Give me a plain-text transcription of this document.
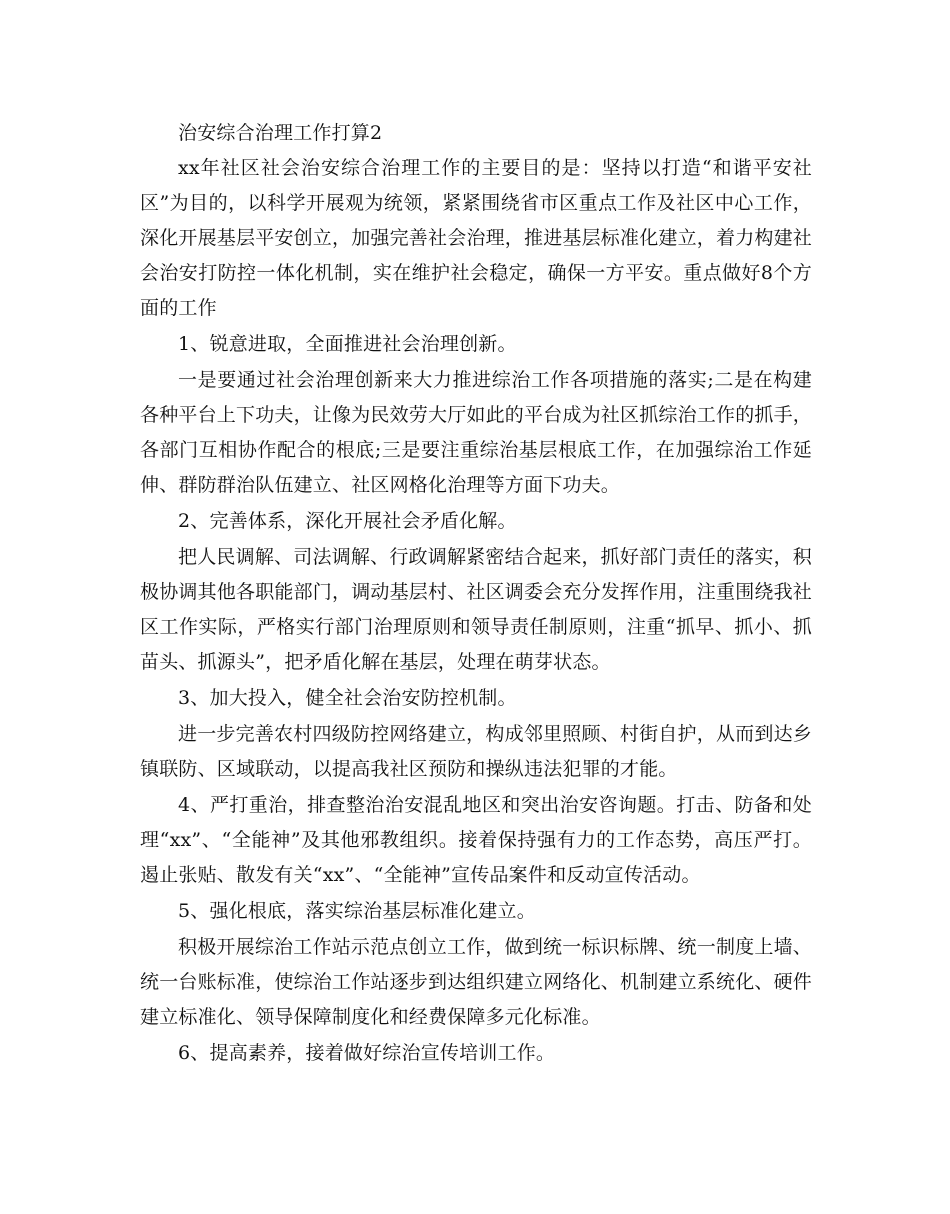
治安综合治理工作打算2

xx年社区社会治安综合治理工作的主要目的是：坚持以打造“和谐平安社区”为目的，以科学开展观为统领，紧紧围绕省市区重点工作及社区中心工作，深化开展基层平安创立，加强完善社会治理，推进基层标准化建立，着力构建社会治安打防控一体化机制，实在维护社会稳定，确保一方平安。重点做好8个方面的工作

1、锐意进取，全面推进社会治理创新。

一是要通过社会治理创新来大力推进综治工作各项措施的落实;二是在构建各种平台上下功夫，让像为民效劳大厅如此的平台成为社区抓综治工作的抓手，各部门互相协作配合的根底;三是要注重综治基层根底工作，在加强综治工作延伸、群防群治队伍建立、社区网格化治理等方面下功夫。

2、完善体系，深化开展社会矛盾化解。

把人民调解、司法调解、行政调解紧密结合起来，抓好部门责任的落实，积极协调其他各职能部门，调动基层村、社区调委会充分发挥作用，注重围绕我社区工作实际，严格实行部门治理原则和领导责任制原则，注重“抓早、抓小、抓苗头、抓源头”，把矛盾化解在基层，处理在萌芽状态。

3、加大投入，健全社会治安防控机制。

进一步完善农村四级防控网络建立，构成邻里照顾、村街自护，从而到达乡镇联防、区域联动，以提高我社区预防和操纵违法犯罪的才能。

4、严打重治，排查整治治安混乱地区和突出治安咨询题。打击、防备和处理“xx”、“全能神”及其他邪教组织。接着保持强有力的工作态势，高压严打。遏止张贴、散发有关“xx”、“全能神”宣传品案件和反动宣传活动。

5、强化根底，落实综治基层标准化建立。

积极开展综治工作站示范点创立工作，做到统一标识标牌、统一制度上墙、统一台账标准，使综治工作站逐步到达组织建立网络化、机制建立系统化、硬件建立标准化、领导保障制度化和经费保障多元化标准。

6、提高素养，接着做好综治宣传培训工作。
